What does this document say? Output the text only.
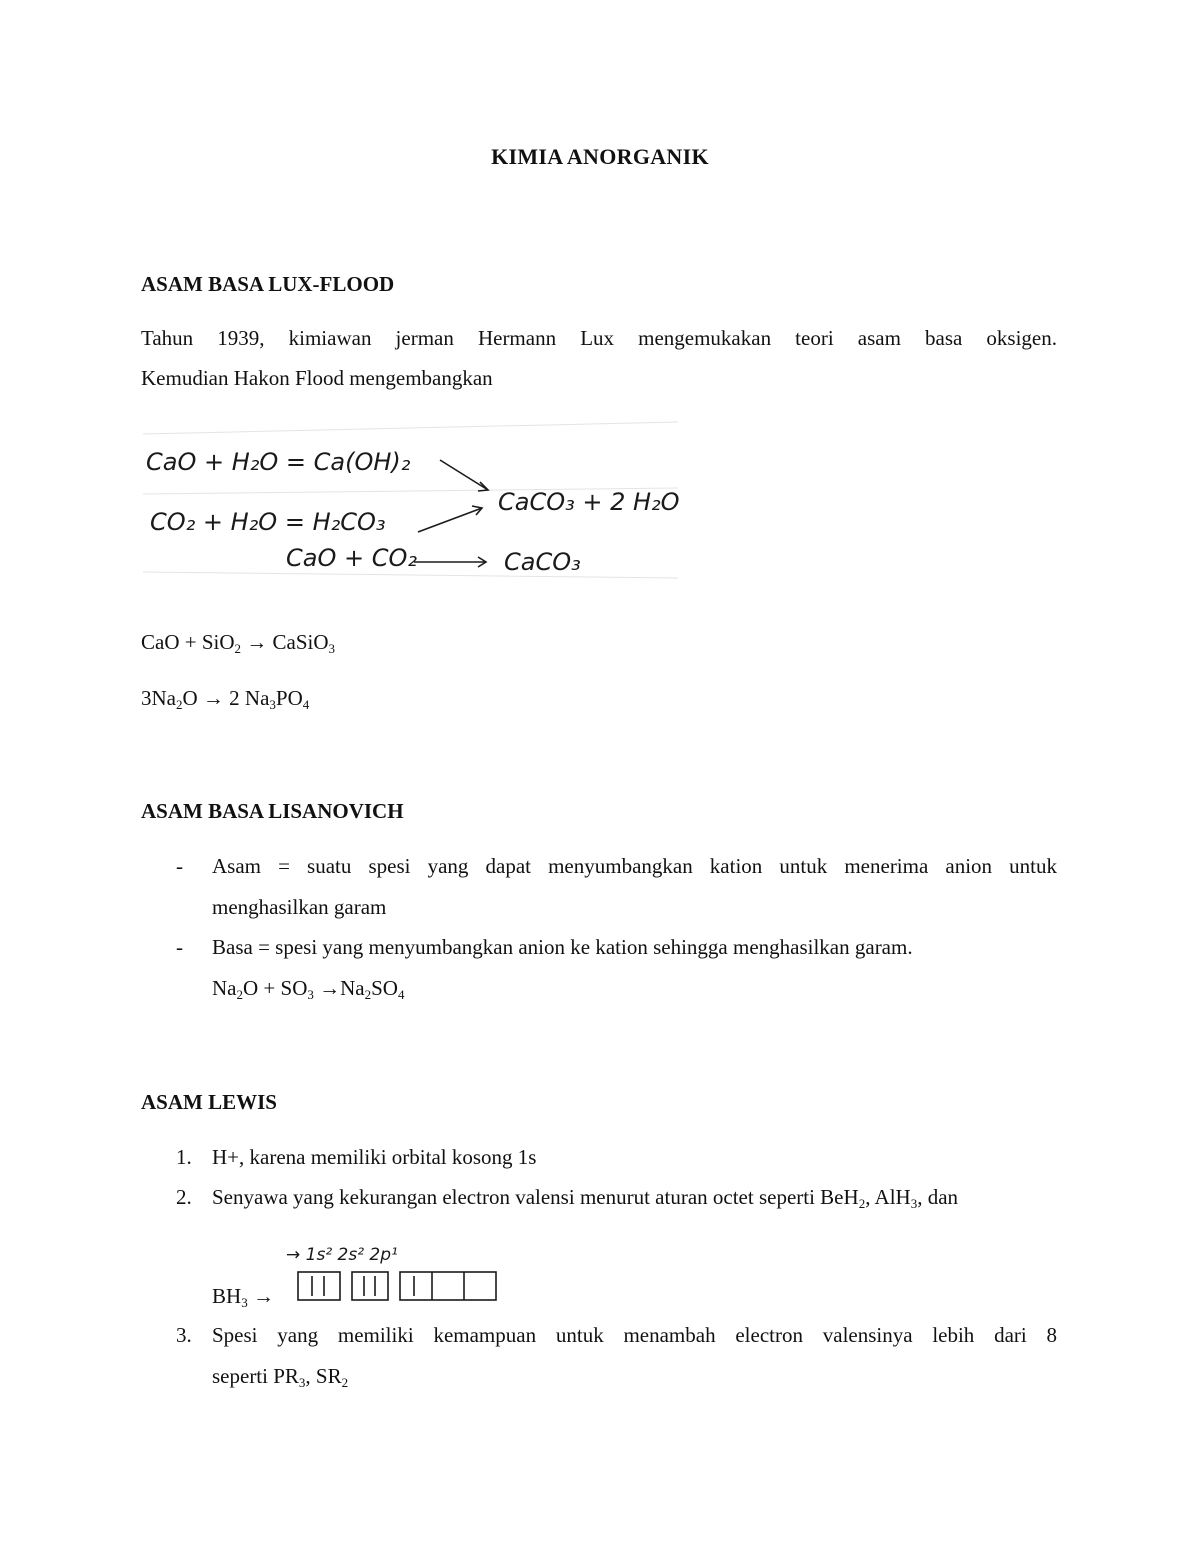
KIMIA ANORGANIK
ASAM BASA LUX-FLOOD
Tahun 1939, kimiawan jerman Hermann Lux mengemukakan teori asam basa oksigen.
Kemudian Hakon Flood mengembangkan
CaO + H₂O = Ca(OH)₂
CO₂ + H₂O = H₂CO₃
CaO + CO₂
CaCO₃ + 2 H₂O
CaCO₃
CaO + SiO$_2$ → CaSiO$_3$
$3Na_2O \to 2$ $Na_3PO_4$
ASAM BASA LISANOVICH
- Asam = suatu spesi yang dapat menyumbangkan kation untuk menerima anion untuk
menghasilkan garam
- Basa = spesi yang menyumbangkan anion ke kation sehingga menghasilkan garam.
$Na_2O + SO_3 \to Na_2SO_4$
ASAM LEWIS
1. H+, karena memiliki orbital kosong 1s
2. Senyawa yang kekurangan electron valensi menurut aturan octet seperti BeH$_2$, AlH$_3$, dan
$BH_3$ →
→ 1s² 2s² 2p¹
3. Spesi yang memiliki kemampuan untuk menambah electron valensinya lebih dari 8
seperti $PR_3$, $SR_2$
